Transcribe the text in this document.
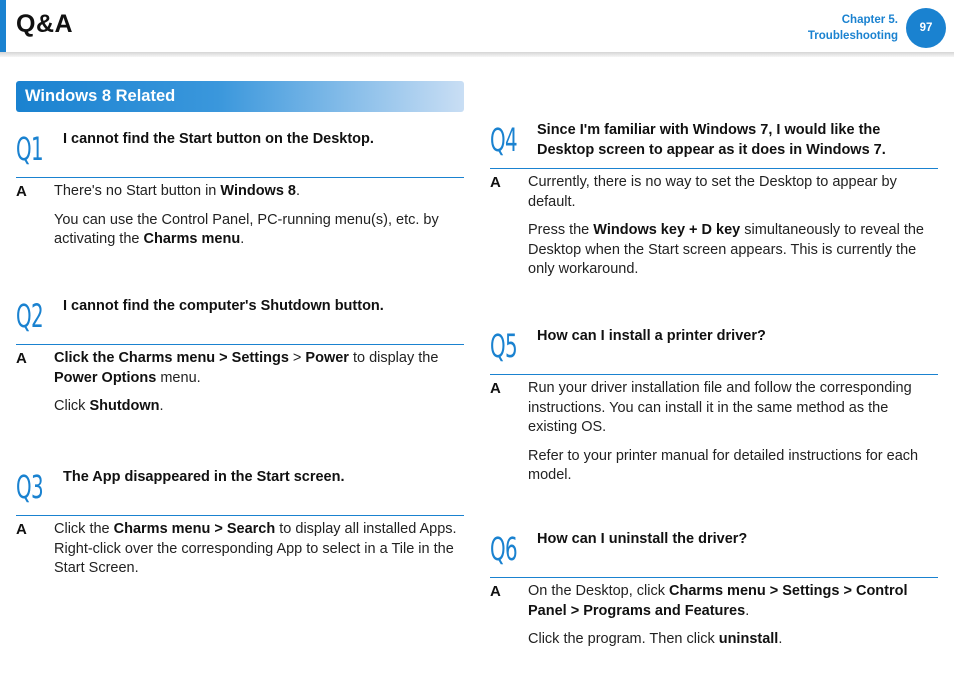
Q&A	Chapter 5.
Troubleshooting
97
Windows 8 Related
Q1 I cannot find the Start button on the Desktop.
A There's no Start button in Windows 8.

You can use the Control Panel, PC-running menu(s), etc. by activating the Charms menu.

Q2 I cannot find the computer's Shutdown button.
A Click the Charms menu > Settings > Power to display the Power Options menu.

Click Shutdown.

Q3 The App disappeared in the Start screen.
A Click the Charms menu > Search to display all installed Apps. Right-click over the corresponding App to select in a Tile in the Start Screen.

Q4 Since I'm familiar with Windows 7, I would like the Desktop screen to appear as it does in Windows 7.
A Currently, there is no way to set the Desktop to appear by default.

Press the Windows key + D key simultaneously to reveal the Desktop when the Start screen appears. This is currently the only workaround.

Q5 How can I install a printer driver?
A Run your driver installation file and follow the corresponding instructions. You can install it in the same method as the existing OS.

Refer to your printer manual for detailed instructions for each model.

Q6 How can I uninstall the driver?
A On the Desktop, click Charms menu > Settings > Control Panel > Programs and Features.

Click the program. Then click uninstall.
